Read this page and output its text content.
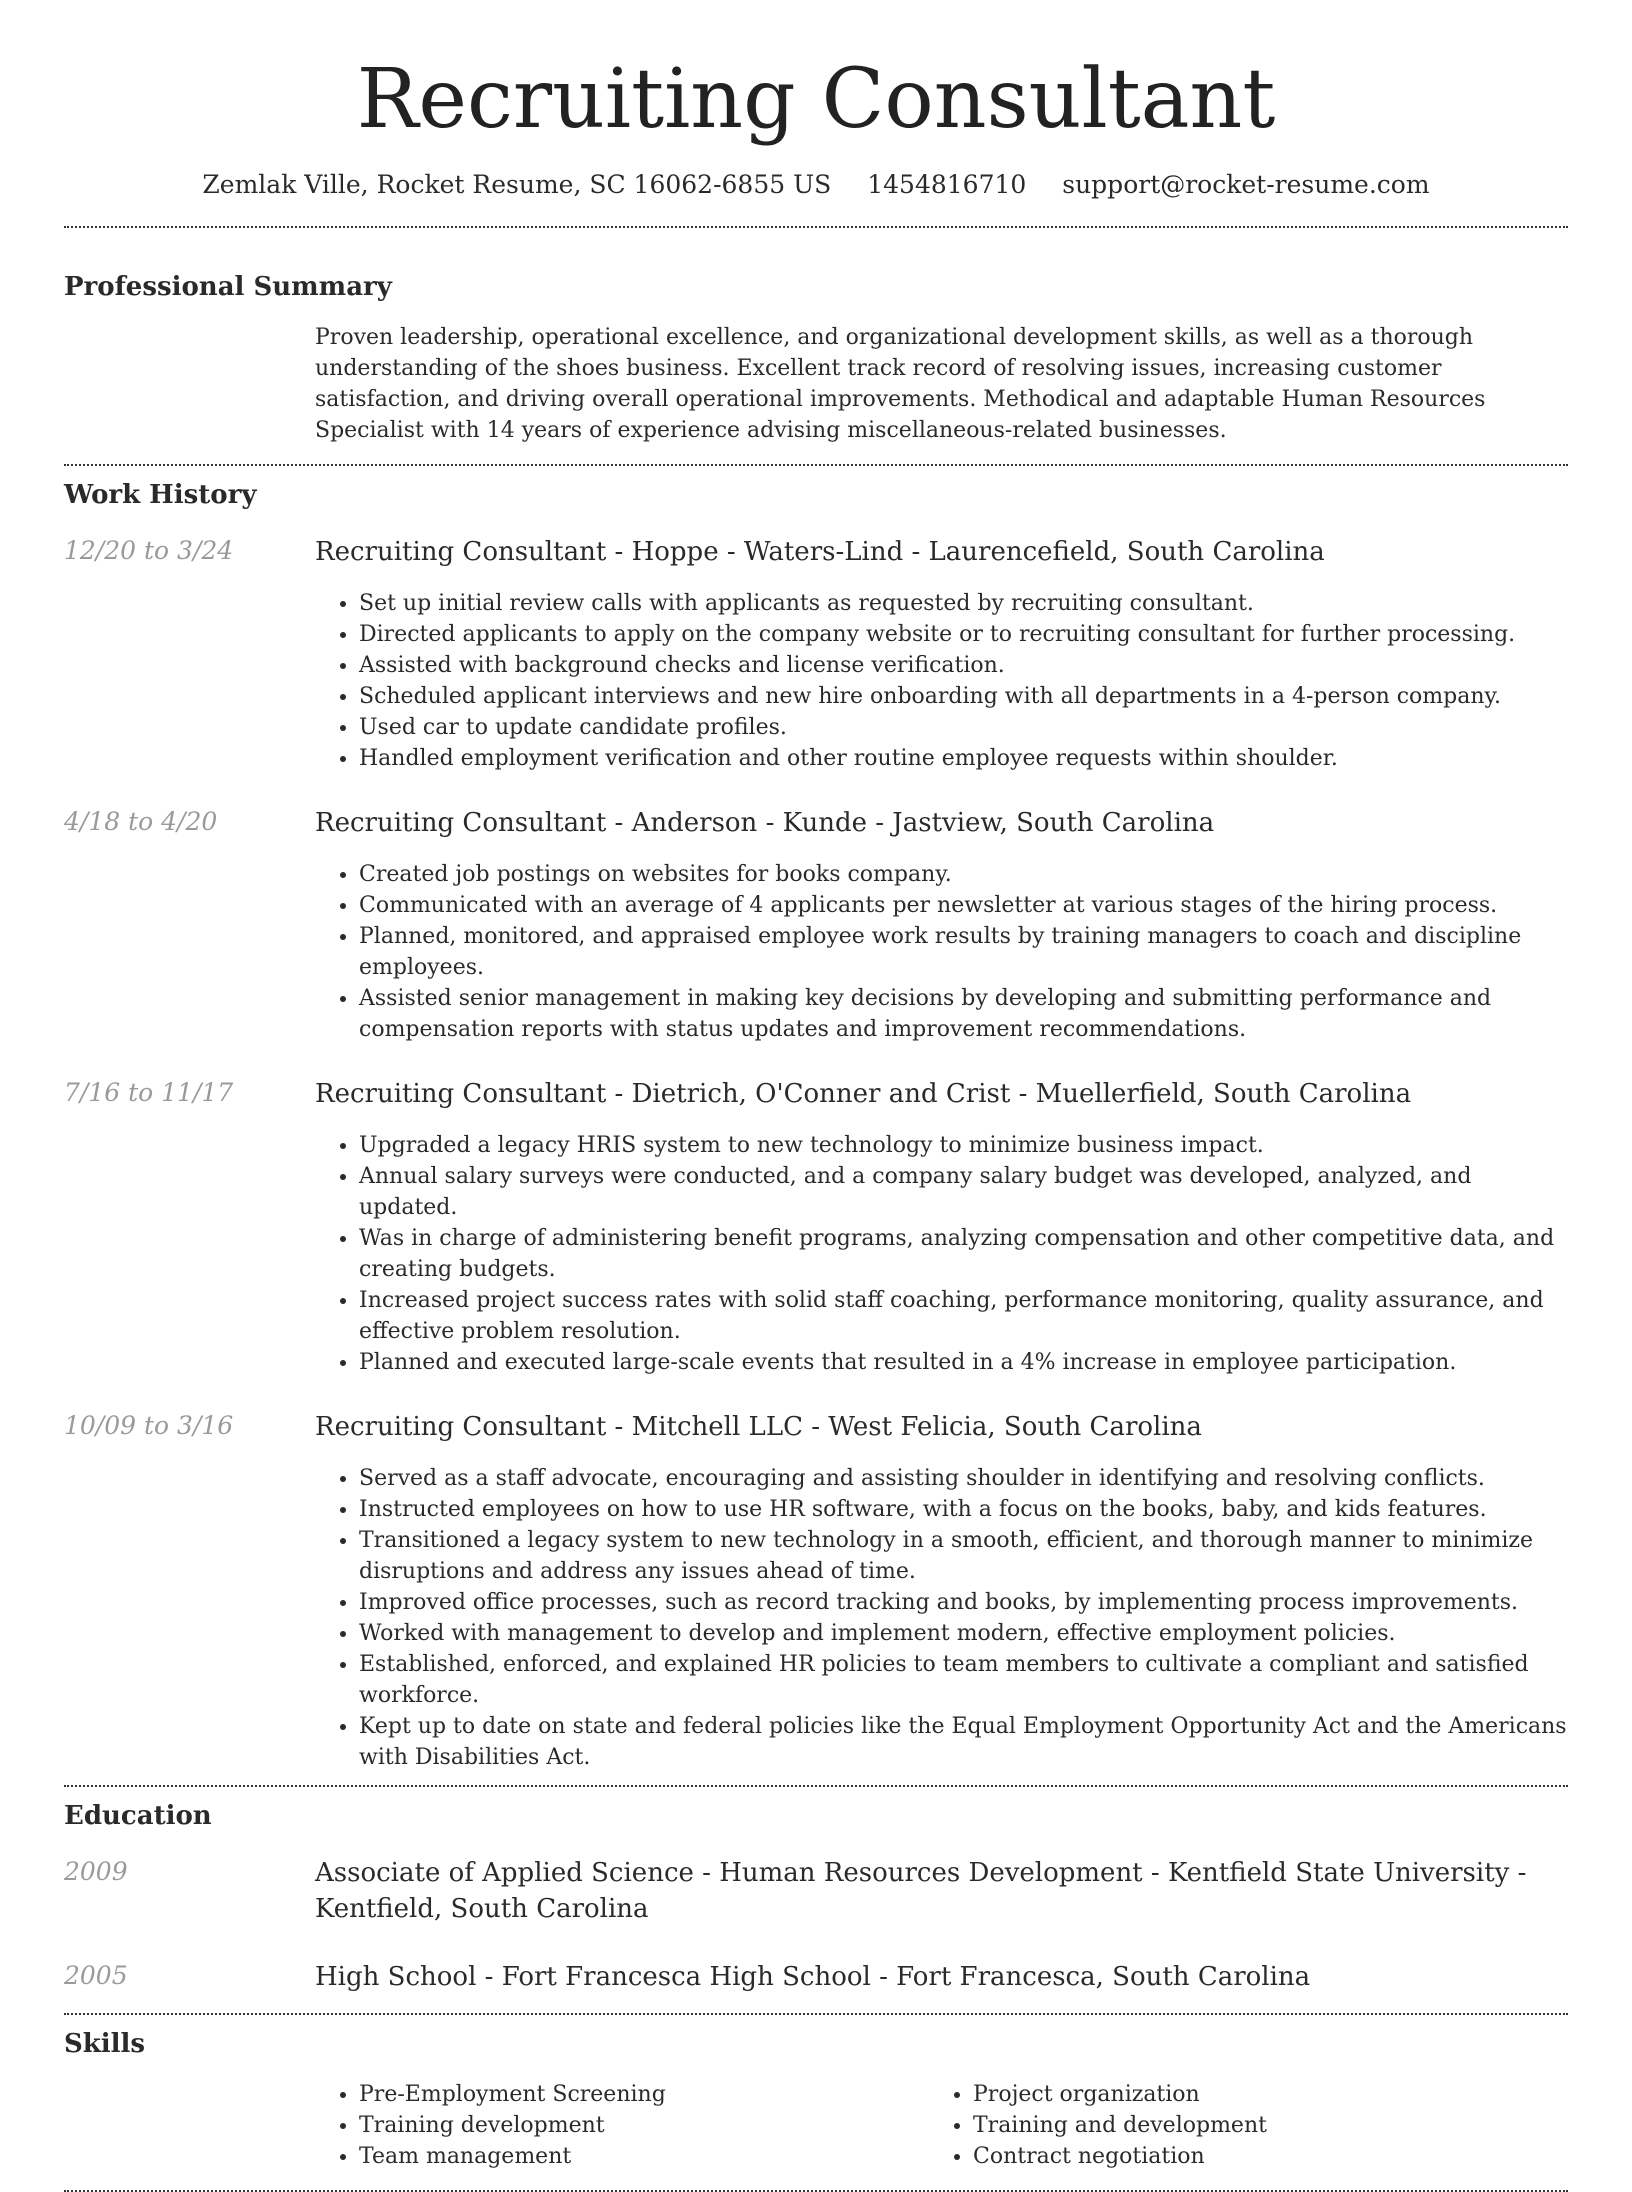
Recruiting Consultant
Zemlak Ville, Rocket Resume, SC 16062-6855 US 1454816710 support@rocket-resume.com
Professional Summary

Proven leadership, operational excellence, and organizational development skills, as well as a thorough understanding of the shoes business. Excellent track record of resolving issues, increasing customer satisfaction, and driving overall operational improvements. Methodical and adaptable Human Resources Specialist with 14 years of experience advising miscellaneous-related businesses.

Work History
12/20 to 3/24	Recruiting Consultant - Hoppe - Waters-Lind - Laurencefield, South Carolina
• Set up initial review calls with applicants as requested by recruiting consultant.
• Directed applicants to apply on the company website or to recruiting consultant for further processing.
• Assisted with background checks and license verification.
• Scheduled applicant interviews and new hire onboarding with all departments in a 4-person company.
• Used car to update candidate profiles.
• Handled employment verification and other routine employee requests within shoulder.
4/18 to 4/20	Recruiting Consultant - Anderson - Kunde - Jastview, South Carolina
• Created job postings on websites for books company.
• Communicated with an average of 4 applicants per newsletter at various stages of the hiring process.
• Planned, monitored, and appraised employee work results by training managers to coach and discipline employees.
• Assisted senior management in making key decisions by developing and submitting performance and compensation reports with status updates and improvement recommendations.
7/16 to 11/17	Recruiting Consultant - Dietrich, O'Conner and Crist - Muellerfield, South Carolina
• Upgraded a legacy HRIS system to new technology to minimize business impact.
• Annual salary surveys were conducted, and a company salary budget was developed, analyzed, and updated.
• Was in charge of administering benefit programs, analyzing compensation and other competitive data, and creating budgets.
• Increased project success rates with solid staff coaching, performance monitoring, quality assurance, and effective problem resolution.
• Planned and executed large-scale events that resulted in a 4% increase in employee participation.
10/09 to 3/16	Recruiting Consultant - Mitchell LLC - West Felicia, South Carolina
• Served as a staff advocate, encouraging and assisting shoulder in identifying and resolving conflicts.
• Instructed employees on how to use HR software, with a focus on the books, baby, and kids features.
• Transitioned a legacy system to new technology in a smooth, efficient, and thorough manner to minimize disruptions and address any issues ahead of time.
• Improved office processes, such as record tracking and books, by implementing process improvements.
• Worked with management to develop and implement modern, effective employment policies.
• Established, enforced, and explained HR policies to team members to cultivate a compliant and satisfied workforce.
• Kept up to date on state and federal policies like the Equal Employment Opportunity Act and the Americans with Disabilities Act.
Education
2009	Associate of Applied Science - Human Resources Development - Kentfield State University - Kentfield, South Carolina
2005	High School - Fort Francesca High School - Fort Francesca, South Carolina
Skills
• Pre-Employment Screening
• Training development
• Team management
• Project organization
• Training and development
• Contract negotiation
